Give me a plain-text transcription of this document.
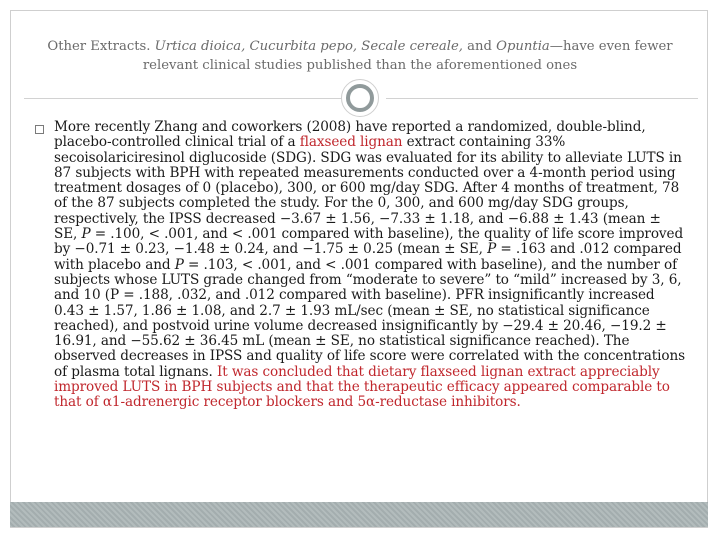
Other Extracts. Urtica dioica, Cucurbita pepo, Secale cereale, and Opuntia—have even fewer relevant clinical studies published than the aforementioned ones
More recently Zhang and coworkers (2008) have reported a randomized, double-blind, placebo-controlled clinical trial of a flaxseed lignan extract containing 33% secoisolariciresinol diglucoside (SDG). SDG was evaluated for its ability to alleviate LUTS in 87 subjects with BPH with repeated measurements conducted over a 4-month period using treatment dosages of 0 (placebo), 300, or 600 mg/day SDG. After 4 months of treatment, 78 of the 87 subjects completed the study. For the 0, 300, and 600 mg/day SDG groups, respectively, the IPSS decreased −3.67 ± 1.56, −7.33 ± 1.18, and −6.88 ± 1.43 (mean ± SE, P = .100, < .001, and < .001 compared with baseline), the quality of life score improved by −0.71 ± 0.23, −1.48 ± 0.24, and −1.75 ± 0.25 (mean ± SE, P = .163 and .012 compared with placebo and P = .103, < .001, and < .001 compared with baseline), and the number of subjects whose LUTS grade changed from “moderate to severe” to “mild” increased by 3, 6, and 10 (P = .188, .032, and .012 compared with baseline). PFR insignificantly increased 0.43 ± 1.57, 1.86 ± 1.08, and 2.7 ± 1.93 mL/sec (mean ± SE, no statistical significance reached), and postvoid urine volume decreased insignificantly by −29.4 ± 20.46, −19.2 ± 16.91, and −55.62 ± 36.45 mL (mean ± SE, no statistical significance reached). The observed decreases in IPSS and quality of life score were correlated with the concentrations of plasma total lignans. It was concluded that dietary flaxseed lignan extract appreciably improved LUTS in BPH subjects and that the therapeutic efficacy appeared comparable to that of α1-adrenergic receptor blockers and 5α-reductase inhibitors.
